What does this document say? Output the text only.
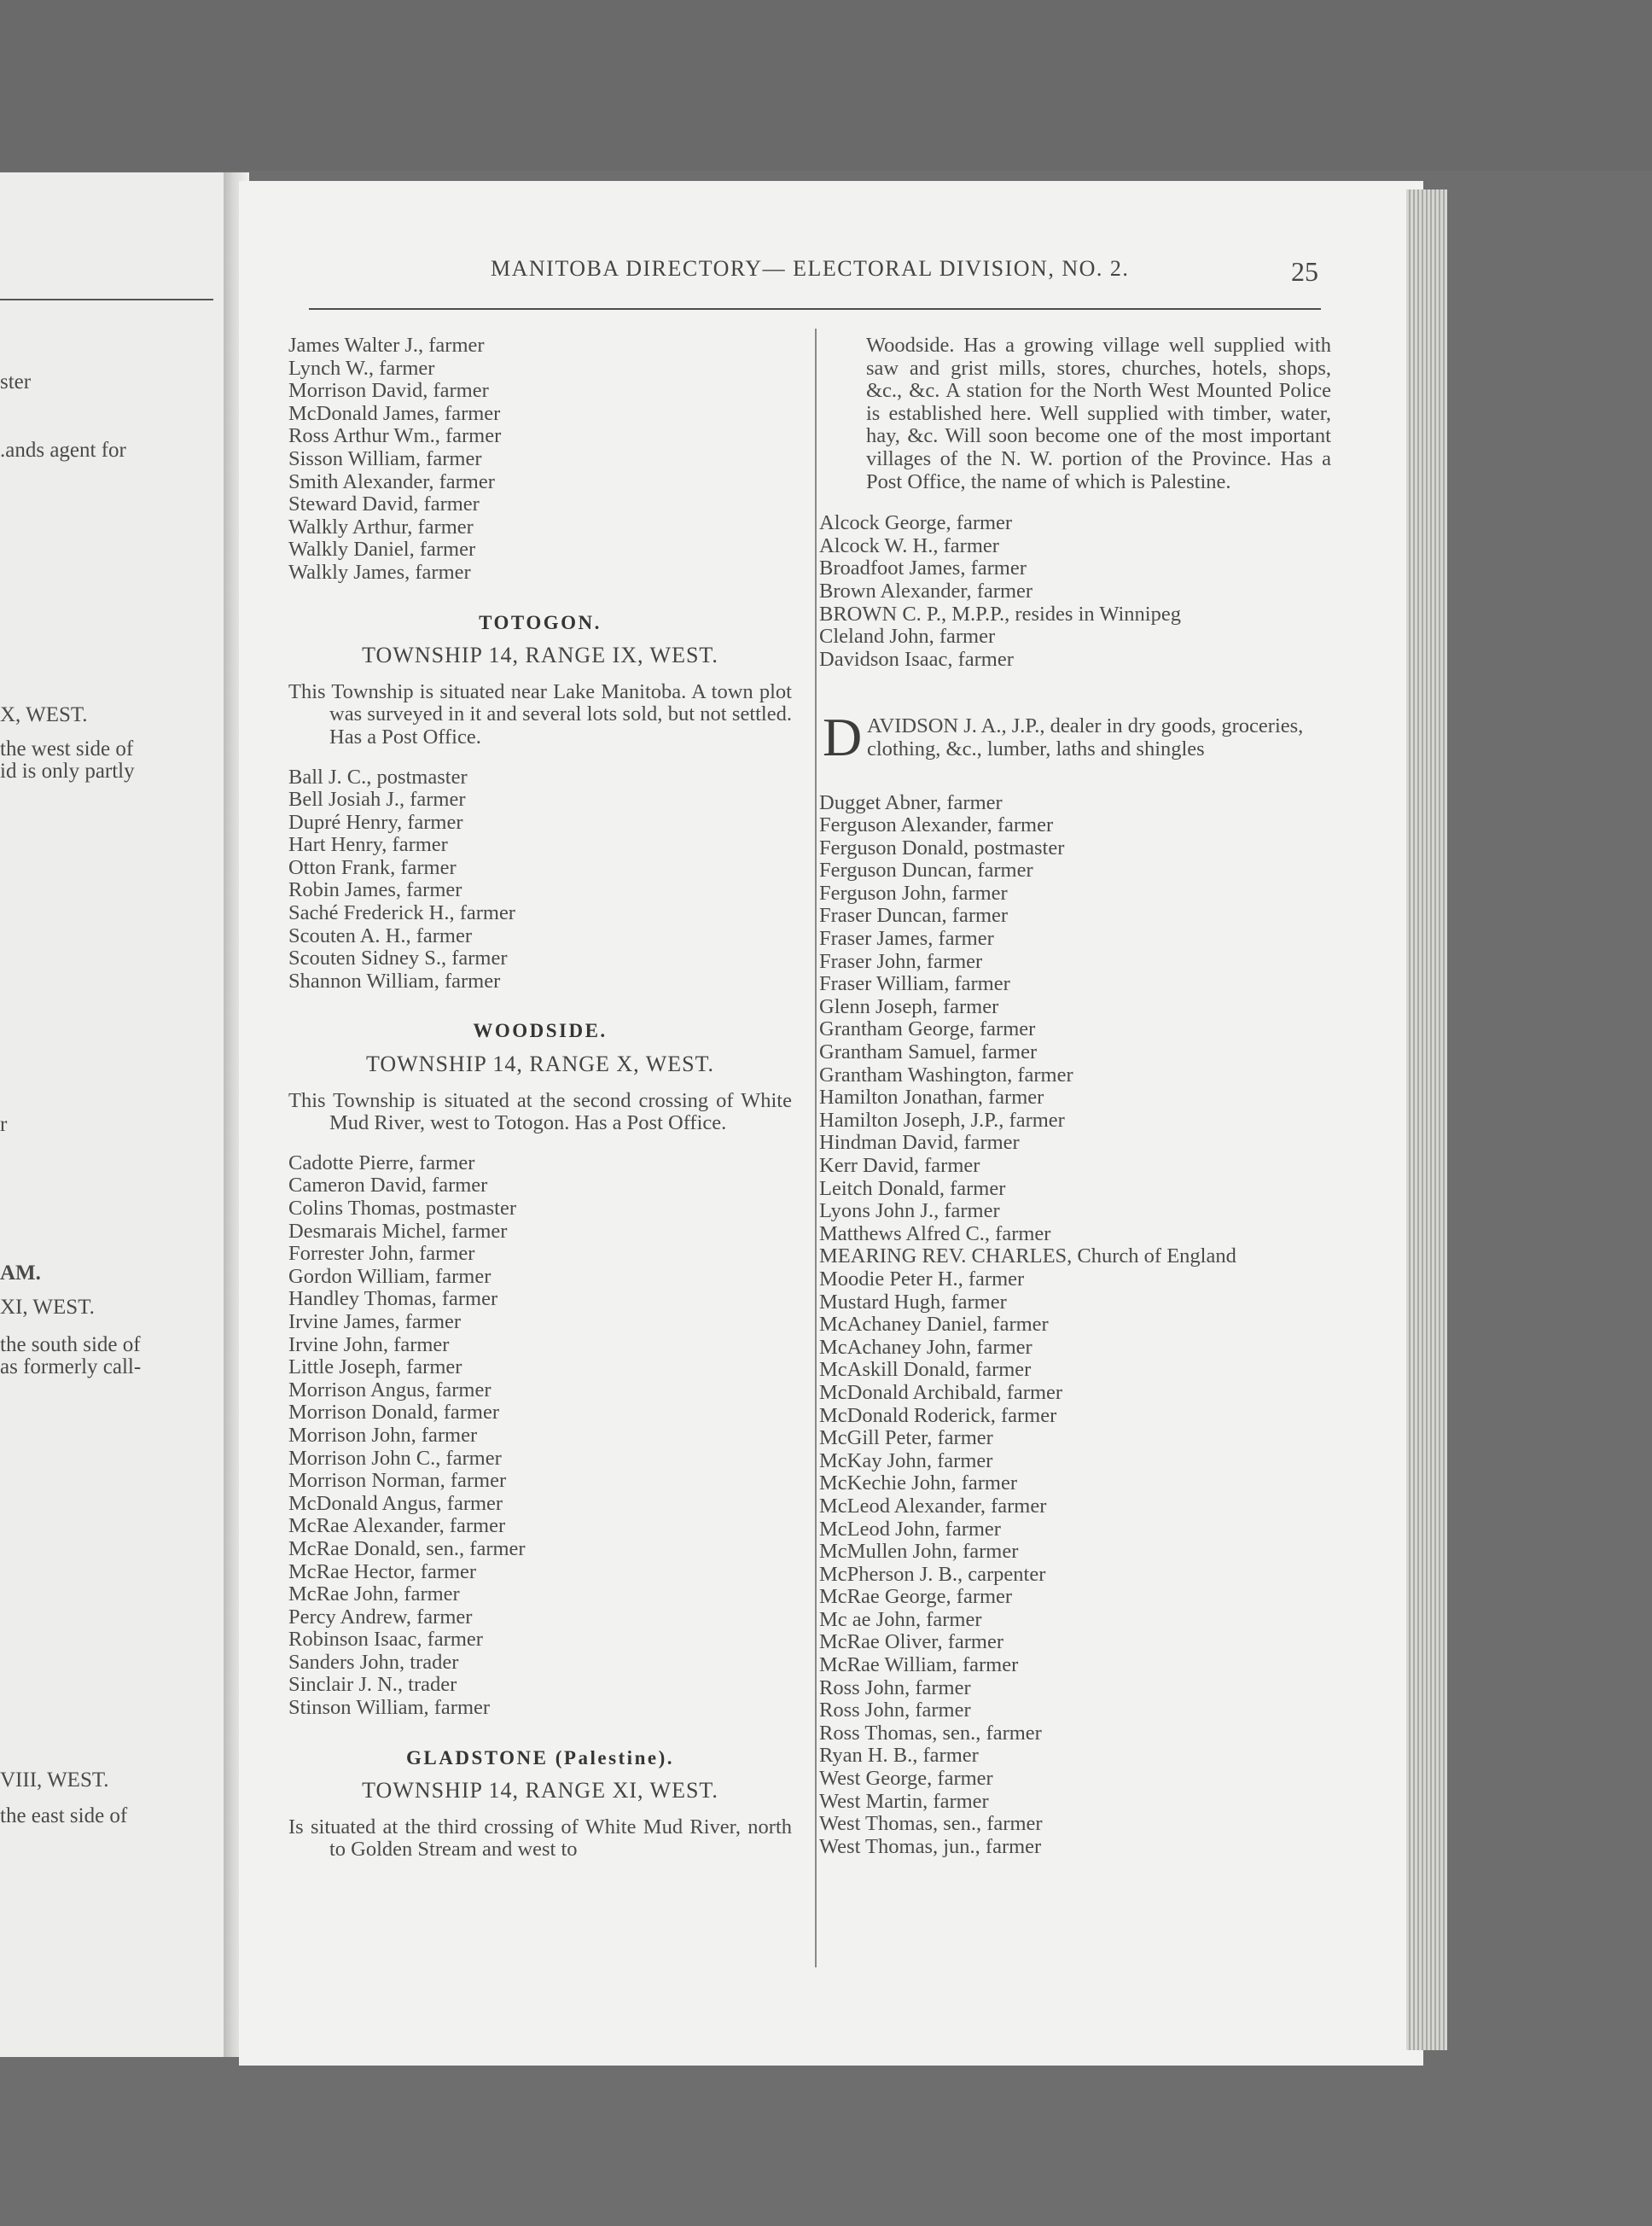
ster
.ands agent for
X, WEST.
the west side of
id is only partly
r
AM.
XI, WEST.
the south side of
as formerly call-
VIII, WEST.
the east side of
MANITOBA DIRECTORY— ELECTORAL DIVISION, NO. 2.	25
James Walter J., farmer
Lynch W., farmer
Morrison David, farmer
McDonald James, farmer
Ross Arthur Wm., farmer
Sisson William, farmer
Smith Alexander, farmer
Steward David, farmer
Walkly Arthur, farmer
Walkly Daniel, farmer
Walkly James, farmer
TOTOGON.
TOWNSHIP 14, RANGE IX, WEST.
This Township is situated near Lake Manitoba. A town plot was surveyed in it and several lots sold, but not settled. Has a Post Office.
Ball J. C., postmaster
Bell Josiah J., farmer
Dupré Henry, farmer
Hart Henry, farmer
Otton Frank, farmer
Robin James, farmer
Saché Frederick H., farmer
Scouten A. H., farmer
Scouten Sidney S., farmer
Shannon William, farmer
WOODSIDE.
TOWNSHIP 14, RANGE X, WEST.
This Township is situated at the second crossing of White Mud River, west to Totogon. Has a Post Office.
Cadotte Pierre, farmer
Cameron David, farmer
Colins Thomas, postmaster
Desmarais Michel, farmer
Forrester John, farmer
Gordon William, farmer
Handley Thomas, farmer
Irvine James, farmer
Irvine John, farmer
Little Joseph, farmer
Morrison Angus, farmer
Morrison Donald, farmer
Morrison John, farmer
Morrison John C., farmer
Morrison Norman, farmer
McDonald Angus, farmer
McRae Alexander, farmer
McRae Donald, sen., farmer
McRae Hector, farmer
McRae John, farmer
Percy Andrew, farmer
Robinson Isaac, farmer
Sanders John, trader
Sinclair J. N., trader
Stinson William, farmer
GLADSTONE (Palestine).
TOWNSHIP 14, RANGE XI, WEST.
Is situated at the third crossing of White Mud River, north to Golden Stream and west to
Woodside. Has a growing village well supplied with saw and grist mills, stores, churches, hotels, shops, &c., &c. A station for the North West Mounted Police is established here. Well supplied with timber, water, hay, &c. Will soon become one of the most important villages of the N. W. portion of the Province. Has a Post Office, the name of which is Palestine.
Alcock George, farmer
Alcock W. H., farmer
Broadfoot James, farmer
Brown Alexander, farmer
BROWN C. P., M.P.P., resides in Winnipeg
Cleland John, farmer
Davidson Isaac, farmer
D AVIDSON J. A., J.P., dealer in dry goods, groceries, clothing, &c., lumber, laths and shingles
Dugget Abner, farmer
Ferguson Alexander, farmer
Ferguson Donald, postmaster
Ferguson Duncan, farmer
Ferguson John, farmer
Fraser Duncan, farmer
Fraser James, farmer
Fraser John, farmer
Fraser William, farmer
Glenn Joseph, farmer
Grantham George, farmer
Grantham Samuel, farmer
Grantham Washington, farmer
Hamilton Jonathan, farmer
Hamilton Joseph, J.P., farmer
Hindman David, farmer
Kerr David, farmer
Leitch Donald, farmer
Lyons John J., farmer
Matthews Alfred C., farmer
MEARING REV. CHARLES, Church of England
Moodie Peter H., farmer
Mustard Hugh, farmer
McAchaney Daniel, farmer
McAchaney John, farmer
McAskill Donald, farmer
McDonald Archibald, farmer
McDonald Roderick, farmer
McGill Peter, farmer
McKay John, farmer
McKechie John, farmer
McLeod Alexander, farmer
McLeod John, farmer
McMullen John, farmer
McPherson J. B., carpenter
McRae George, farmer
Mc ae John, farmer
McRae Oliver, farmer
McRae William, farmer
Ross John, farmer
Ross John, farmer
Ross Thomas, sen., farmer
Ryan H. B., farmer
West George, farmer
West Martin, farmer
West Thomas, sen., farmer
West Thomas, jun., farmer
